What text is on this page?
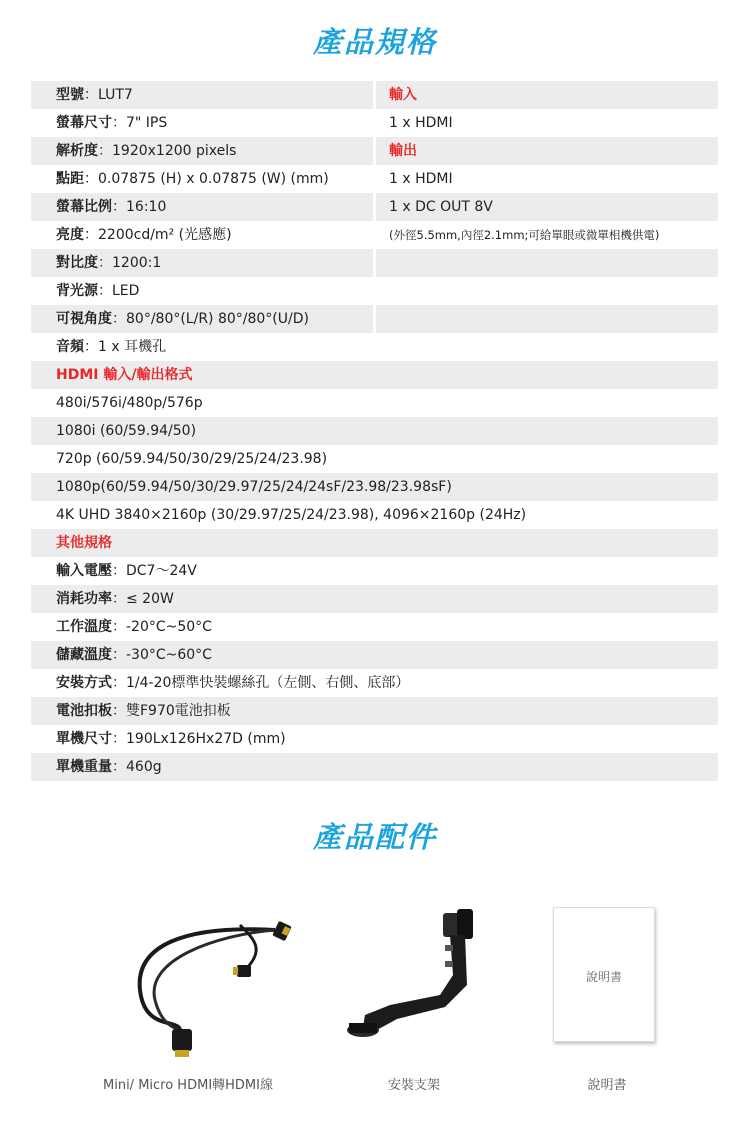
產品規格
型號：LUT7	輸入
螢幕尺寸：7" IPS	1 x HDMI
解析度：1920x1200 pixels	輸出
點距：0.07875 (H) x 0.07875 (W) (mm)	1 x HDMI
螢幕比例：16:10	1 x DC OUT 8V
亮度：2200cd/m² (光感應)	(外徑5.5mm,內徑2.1mm;可給單眼或微單相機供電)
對比度：1200:1
背光源：LED
可視角度：80°/80°(L/R) 80°/80°(U/D)
音頻：1 x 耳機孔
HDMI 輸入/輸出格式
480i/576i/480p/576p
1080i (60/59.94/50)
720p (60/59.94/50/30/29/25/24/23.98)
1080p(60/59.94/50/30/29.97/25/24/24sF/23.98/23.98sF)
4K UHD 3840×2160p (30/29.97/25/24/23.98), 4096×2160p (24Hz)
其他規格
輸入電壓：DC7～24V
消耗功率：≤ 20W
工作溫度：-20°C~50°C
儲藏溫度：-30°C~60°C
安裝方式：1/4-20標準快裝螺絲孔（左側、右側、底部）
電池扣板：雙F970電池扣板
單機尺寸：190Lx126Hx27D (mm)
單機重量：460g
產品配件
說明書
Mini/ Micro HDMI轉HDMI線	安裝支架	說明書
